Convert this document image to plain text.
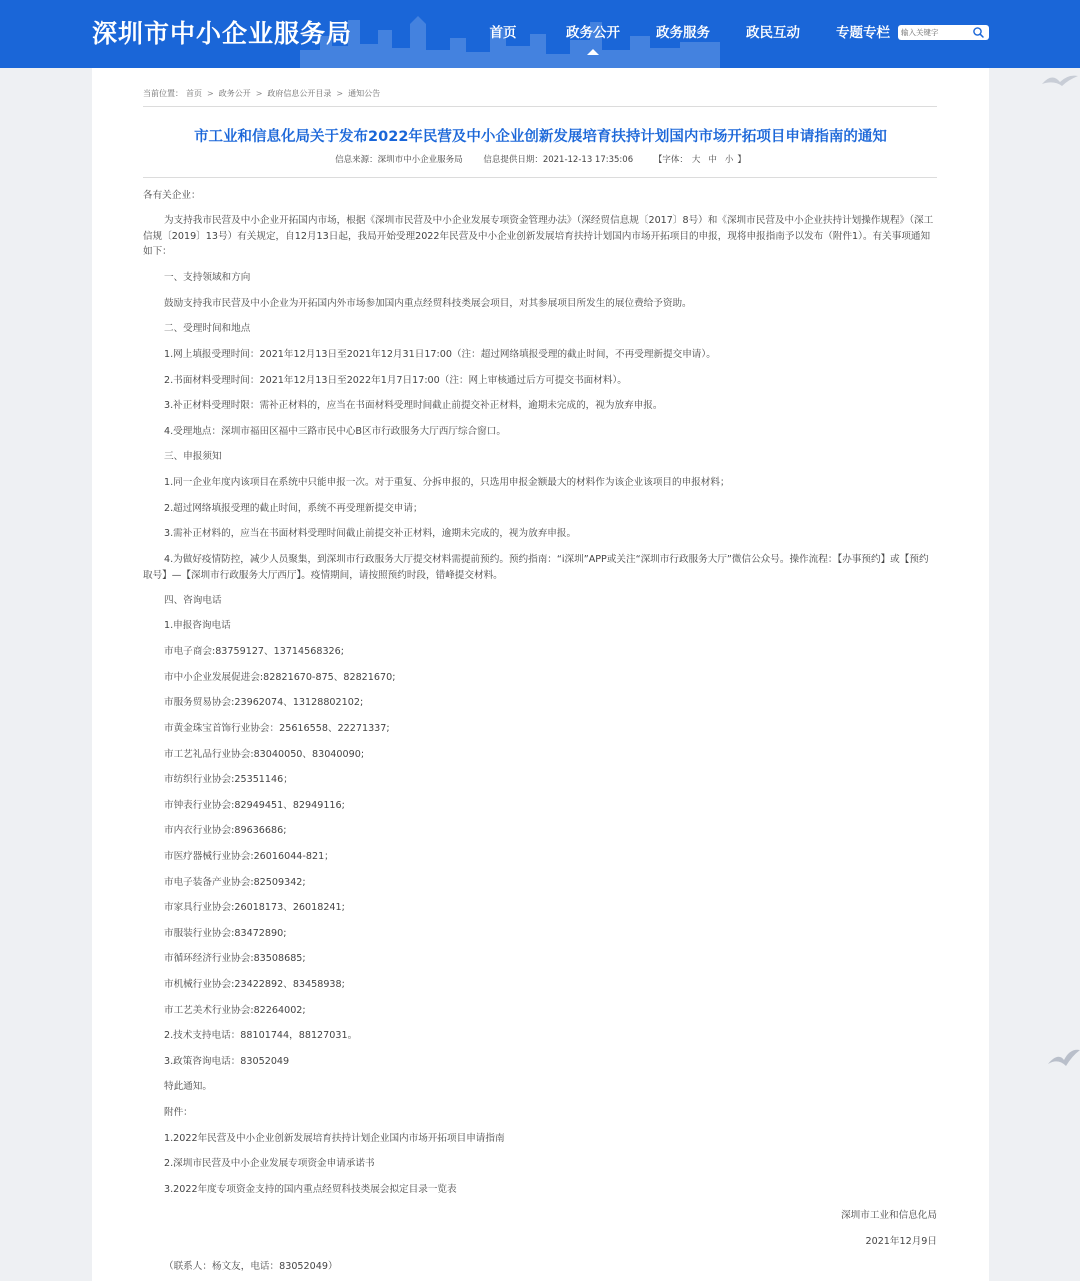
深圳市中小企业服务局	首页	政务公开	政务服务	政民互动	专题专栏
输入关键字
当前位置： 首页 > 政务公开 > 政府信息公开目录 > 通知公告
市工业和信息化局关于发布2022年民营及中小企业创新发展培育扶持计划国内市场开拓项目申请指南的通知
信息来源：深圳市中小企业服务局 信息提供日期：2021-12-13 17:35:06 【字体： 大 中 小 】
各有关企业：
为支持我市民营及中小企业开拓国内市场，根据《深圳市民营及中小企业发展专项资金管理办法》（深经贸信息规〔2017〕8号）和《深圳市民营及中小企业扶持计划操作规程》（深工信规〔2019〕13号）有关规定，自12月13日起，我局开始受理2022年民营及中小企业创新发展培育扶持计划国内市场开拓项目的申报，现将申报指南予以发布（附件1）。有关事项通知如下：
一、支持领域和方向
鼓励支持我市民营及中小企业为开拓国内外市场参加国内重点经贸科技类展会项目，对其参展项目所发生的展位费给予资助。
二、受理时间和地点
1.网上填报受理时间：2021年12月13日至2021年12月31日17:00（注：超过网络填报受理的截止时间，不再受理新提交申请）。
2.书面材料受理时间：2021年12月13日至2022年1月7日17:00（注：网上审核通过后方可提交书面材料）。
3.补正材料受理时限：需补正材料的，应当在书面材料受理时间截止前提交补正材料，逾期未完成的，视为放弃申报。
4.受理地点：深圳市福田区福中三路市民中心B区市行政服务大厅西厅综合窗口。
三、申报须知
1.同一企业年度内该项目在系统中只能申报一次。对于重复、分拆申报的，只选用申报金额最大的材料作为该企业该项目的申报材料；
2.超过网络填报受理的截止时间，系统不再受理新提交申请；
3.需补正材料的，应当在书面材料受理时间截止前提交补正材料，逾期未完成的，视为放弃申报。
4.为做好疫情防控，减少人员聚集，到深圳市行政服务大厅提交材料需提前预约。预约指南：“i深圳”APP或关注“深圳市行政服务大厅”微信公众号。操作流程：【办事预约】或【预约取号】—【深圳市行政服务大厅西厅】。疫情期间，请按照预约时段，错峰提交材料。
四、咨询电话
1.申报咨询电话
市电子商会:83759127、13714568326;
市中小企业发展促进会:82821670-875、82821670;
市服务贸易协会:23962074、13128802102;
市黄金珠宝首饰行业协会：25616558、22271337;
市工艺礼品行业协会:83040050、83040090;
市纺织行业协会:25351146；
市钟表行业协会:82949451、82949116;
市内衣行业协会:89636686;
市医疗器械行业协会:26016044-821；
市电子装备产业协会:82509342;
市家具行业协会:26018173、26018241;
市服装行业协会:83472890;
市循环经济行业协会:83508685;
市机械行业协会:23422892、83458938;
市工艺美术行业协会:82264002;
2.技术支持电话：88101744，88127031。
3.政策咨询电话：83052049
特此通知。
附件：
1.2022年民营及中小企业创新发展培育扶持计划企业国内市场开拓项目申请指南
2.深圳市民营及中小企业发展专项资金申请承诺书
3.2022年度专项资金支持的国内重点经贸科技类展会拟定目录一览表
深圳市工业和信息化局
2021年12月9日
（联系人：杨文友，电话：83052049）
